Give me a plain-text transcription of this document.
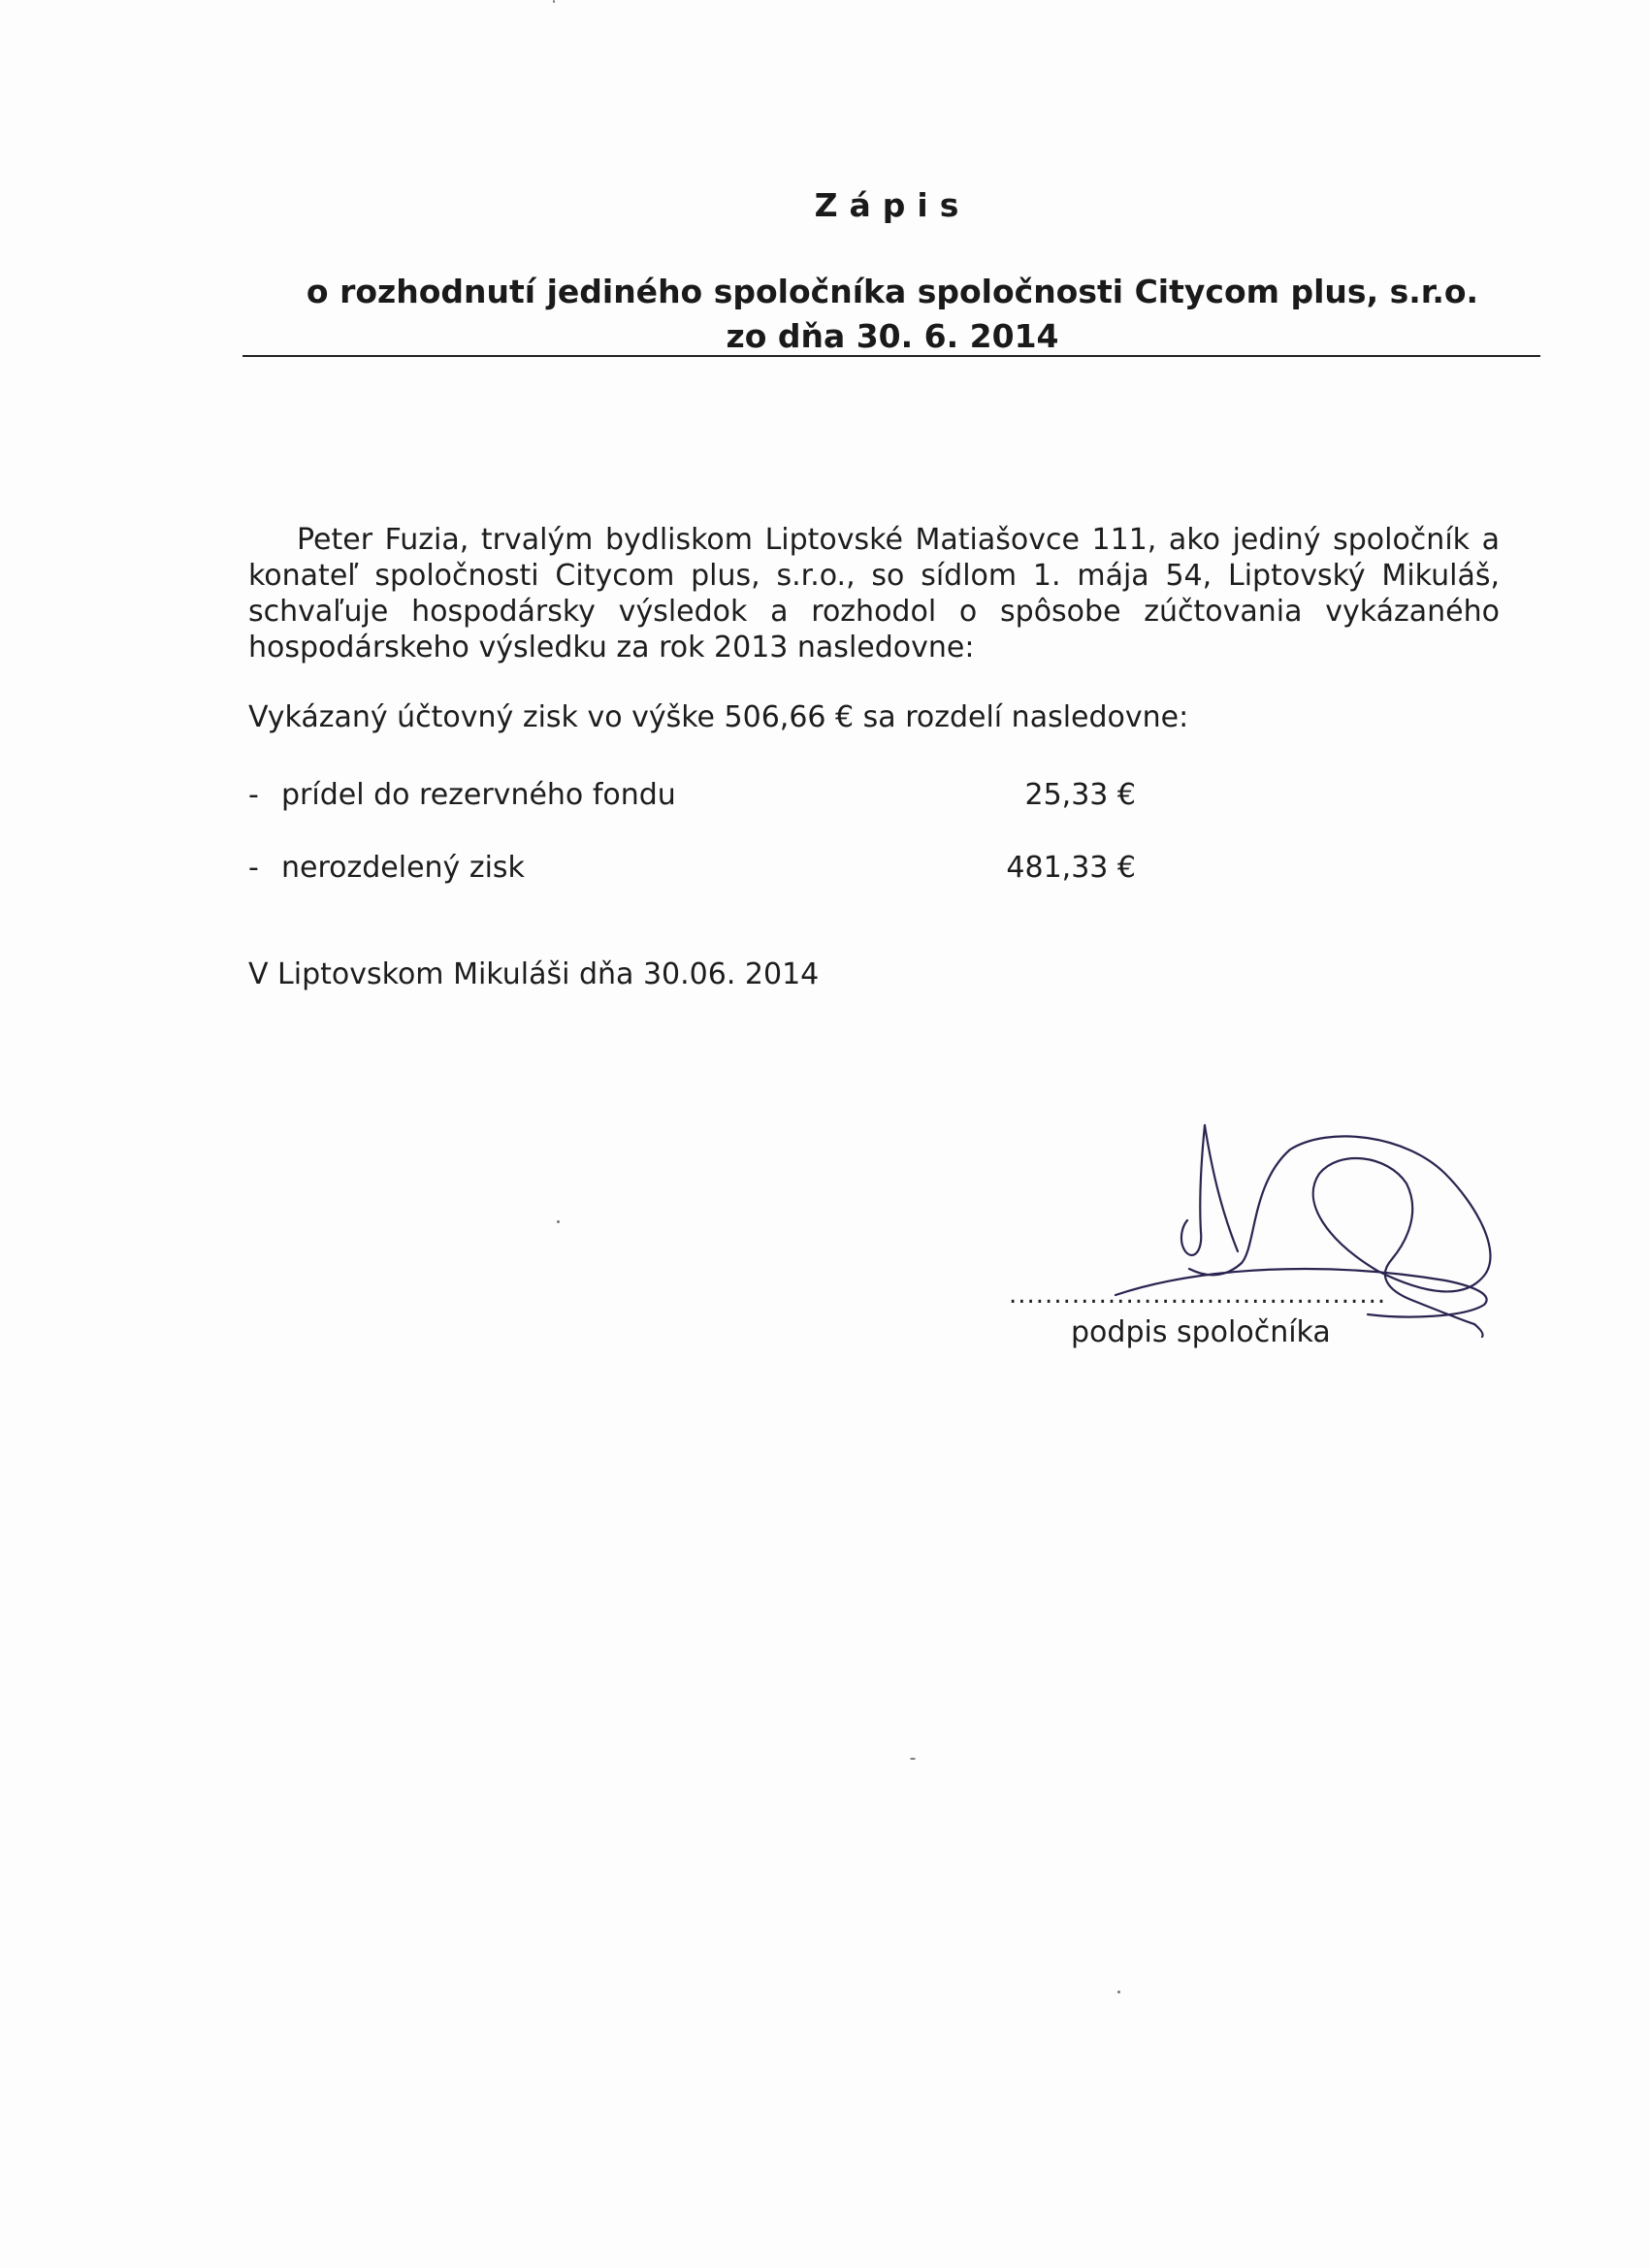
Zápis
o rozhodnutí jediného spoločníka spoločnosti Citycom plus, s.r.o.
zo dňa 30. 6. 2014
Peter Fuzia, trvalým bydliskom Liptovské Matiašovce 111, ako jediný spoločník a konateľ spoločnosti Citycom plus, s.r.o., so sídlom 1. mája 54, Liptovský Mikuláš, schvaľuje hospodársky výsledok a rozhodol o spôsobe zúčtovania vykázaného hospodárskeho výsledku za rok 2013 nasledovne:
Vykázaný účtovný zisk vo výške 506,66 € sa rozdelí nasledovne:
- prídel do rezervného fondu	25,33 €
- nerozdelený zisk	481,33 €
V Liptovskom Mikuláši dňa 30.06. 2014
..........................................
podpis spoločníka
